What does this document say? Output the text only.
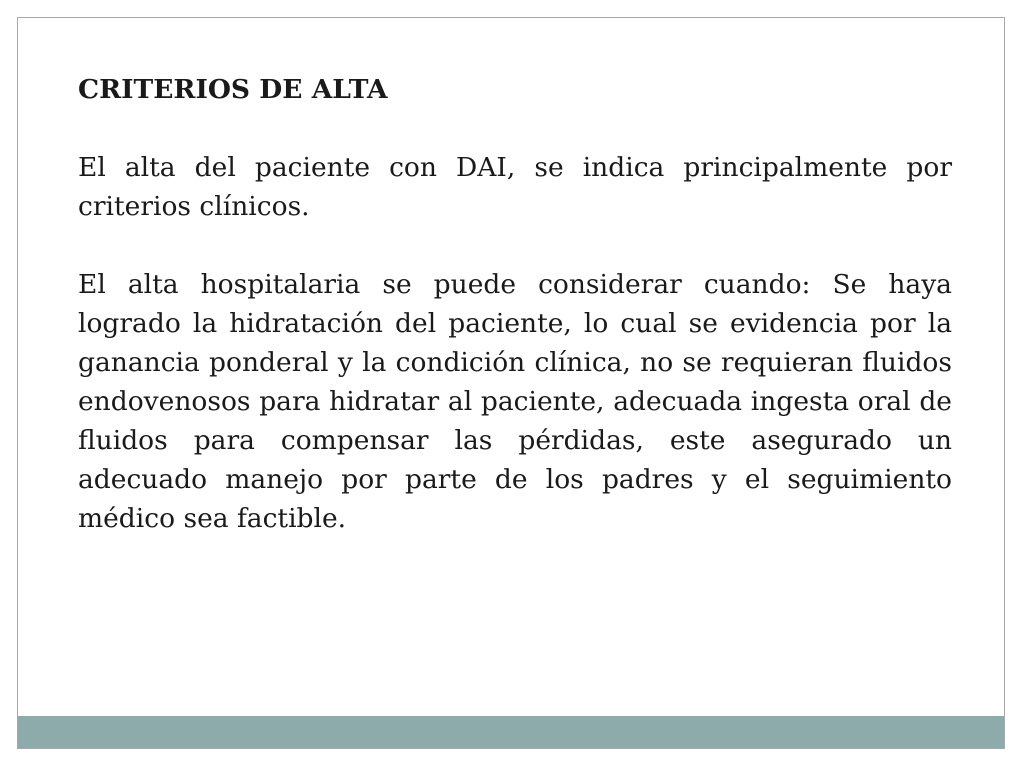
CRITERIOS DE ALTA

El alta del paciente con DAI, se indica principalmente por criterios clínicos.

El alta hospitalaria se puede considerar cuando: Se haya logrado la hidratación del paciente, lo cual se evidencia por la ganancia ponderal y la condición clínica, no se requieran fluidos endovenosos para hidratar al paciente, adecuada ingesta oral de fluidos para compensar las pérdidas, este asegurado un adecuado manejo por parte de los padres y el seguimiento médico sea factible.
